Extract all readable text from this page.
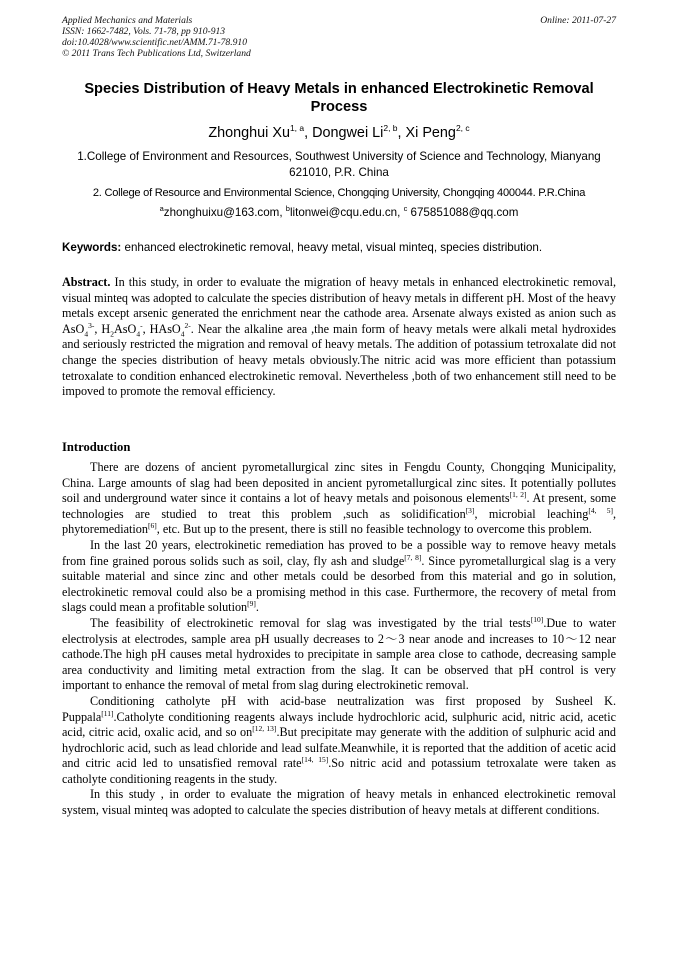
Applied Mechanics and Materials
ISSN: 1662-7482, Vols. 71-78, pp 910-913
doi:10.4028/www.scientific.net/AMM.71-78.910
© 2011 Trans Tech Publications Ltd, Switzerland
Online: 2011-07-27
Species Distribution of Heavy Metals in enhanced Electrokinetic Removal Process
Zhonghui Xu$^{1, a}$, Dongwei Li$^{2, b}$, Xi Peng$^{2, c}$
1.College of Environment and Resources, Southwest University of Science and Technology, Mianyang 621010, P.R. China
2. College of Resource and Environmental Science, Chongqing University, Chongqing 400044. P.R.China
$^a$zhonghuixu@163.com, $^b$litonwei@cqu.edu.cn, $^c$ 675851088@qq.com
Keywords: enhanced electrokinetic removal, heavy metal, visual minteq, species distribution.

Abstract. In this study, in order to evaluate the migration of heavy metals in enhanced electrokinetic removal, visual minteq was adopted to calculate the species distribution of heavy metals in different pH. Most of the heavy metals except arsenic generated the enrichment near the cathode area. Arsenate always existed as anion such as AsO$_4^{3-}$, $H_2AsO_4^-$, HAsO$_4^{2-}$. Near the alkaline area ,the main form of heavy metals were alkali metal hydroxides and seriously restricted the migration and removal of heavy metals. The addition of potassium tetroxalate did not change the species distribution of heavy metals obviously.The nitric acid was more efficient than potassium tetroxalate to condition enhanced electrokinetic removal. Nevertheless ,both of two enhancement still need to be impoved to promote the removal efficiency.

Introduction

There are dozens of ancient pyrometallurgical zinc sites in Fengdu County, Chongqing Municipality, China. Large amounts of slag had been deposited in ancient pyrometallurgical zinc sites. It potentially pollutes soil and underground water since it contains a lot of heavy metals and poisonous elements[1, 2]. At present, some technologies are studied to treat this problem ,such as solidification[3], microbial leaching[4, 5], phytoremediation[6], etc. But up to the present, there is still no feasible technology to overcome this problem.

In the last 20 years, electrokinetic remediation has proved to be a possible way to remove heavy metals from fine grained porous solids such as soil, clay, fly ash and sludge[7, 8]. Since pyrometallurgical slag is a very suitable material and since zinc and other metals could be desorbed from this material and go in solution, electrokinetic removal could also be a promising method in this case. Furthermore, the recovery of metal from slags could mean a profitable solution[9].

The feasibility of electrokinetic removal for slag was investigated by the trial tests[10].Due to water electrolysis at electrodes, sample area pH usually decreases to 2～3 near anode and increases to 10～12 near cathode.The high pH causes metal hydroxides to precipitate in sample area close to cathode, decreasing sample area conductivity and limiting metal extraction from the slag. It can be observed that pH control is very important to enhance the removal of metal from slag during electrokinetic removal.

Conditioning catholyte pH with acid-base neutralization was first proposed by Susheel K. Puppala[11].Catholyte conditioning reagents always include hydrochloric acid, sulphuric acid, nitric acid, acetic acid, citric acid, oxalic acid, and so on[12, 13].But precipitate may generate with the addition of sulphuric acid and hydrochloric acid, such as lead chloride and lead sulfate.Meanwhile, it is reported that the addition of acetic acid and citric acid led to unsatisfied removal rate[14, 15].So nitric acid and potassium tetroxalate were taken as catholyte conditioning reagents in the study.

In this study , in order to evaluate the migration of heavy metals in enhanced electrokinetic removal system, visual minteq was adopted to calculate the species distribution of heavy metals at different conditions.
